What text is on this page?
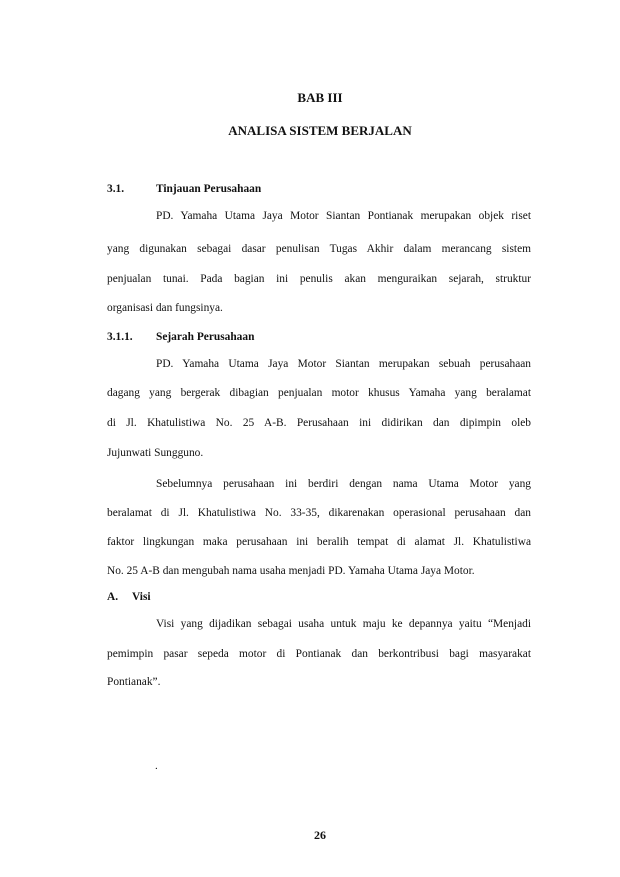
BAB III
ANALISA SISTEM BERJALAN
3.1.	Tinjauan Perusahaan
PD. Yamaha Utama Jaya Motor Siantan Pontianak merupakan objek riset
yang digunakan sebagai dasar penulisan Tugas Akhir dalam merancang sistem
penjualan tunai. Pada bagian ini penulis akan menguraikan sejarah, struktur
organisasi dan fungsinya.
3.1.1. Sejarah Perusahaan
PD. Yamaha Utama Jaya Motor Siantan merupakan sebuah perusahaan
dagang yang bergerak dibagian penjualan motor khusus Yamaha yang beralamat
di Jl. Khatulistiwa No. 25 A-B. Perusahaan ini didirikan dan dipimpin oleb
Jujunwati Sungguno.
Sebelumnya perusahaan ini berdiri dengan nama Utama Motor yang
beralamat di Jl. Khatulistiwa No. 33-35, dikarenakan operasional perusahaan dan
faktor lingkungan maka perusahaan ini beralih tempat di alamat Jl. Khatulistiwa
No. 25 A-B dan mengubah nama usaha menjadi PD. Yamaha Utama Jaya Motor.
A. Visi
Visi yang dijadikan sebagai usaha untuk maju ke depannya yaitu “Menjadi
pemimpin pasar sepeda motor di Pontianak dan berkontribusi bagi masyarakat
Pontianak”.
.
26
